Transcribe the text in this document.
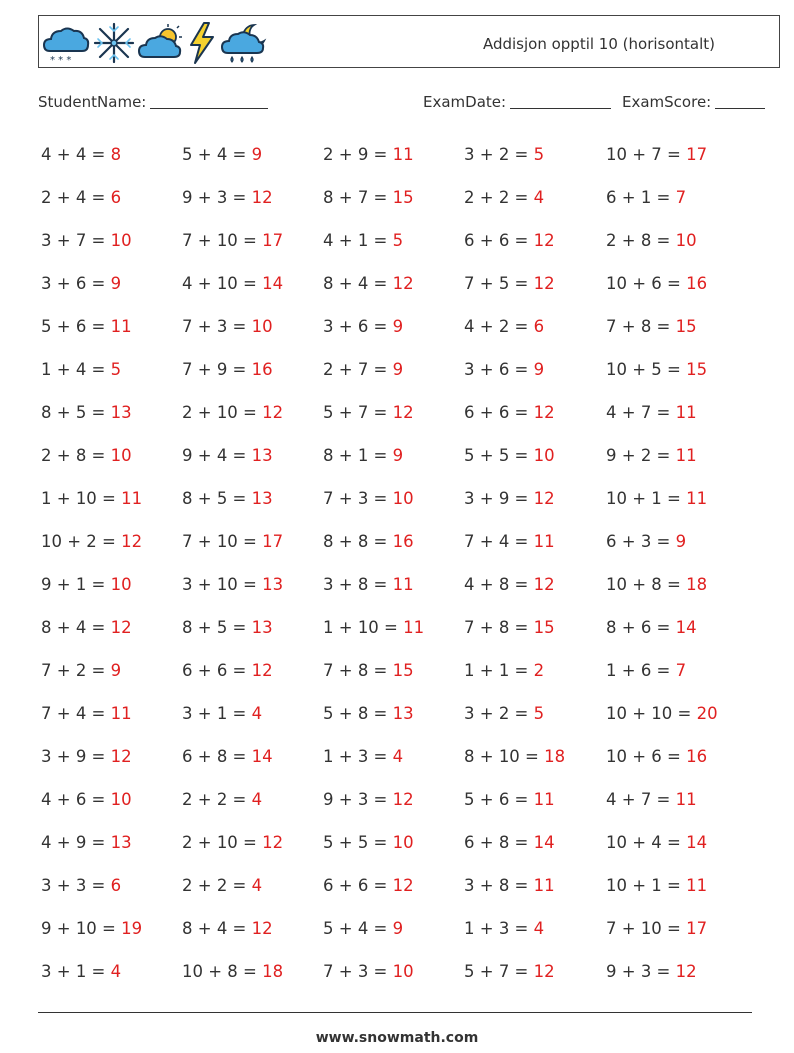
* * *
Addisjon opptil 10 (horisontalt)
StudentName:	ExamDate:	ExamScore:
4 + 4 = 8	5 + 4 = 9	2 + 9 = 11	3 + 2 = 5	10 + 7 = 17
2 + 4 = 6	9 + 3 = 12	8 + 7 = 15	2 + 2 = 4	6 + 1 = 7
3 + 7 = 10	7 + 10 = 17	4 + 1 = 5	6 + 6 = 12	2 + 8 = 10
3 + 6 = 9	4 + 10 = 14	8 + 4 = 12	7 + 5 = 12	10 + 6 = 16
5 + 6 = 11	7 + 3 = 10	3 + 6 = 9	4 + 2 = 6	7 + 8 = 15
1 + 4 = 5	7 + 9 = 16	2 + 7 = 9	3 + 6 = 9	10 + 5 = 15
8 + 5 = 13	2 + 10 = 12	5 + 7 = 12	6 + 6 = 12	4 + 7 = 11
2 + 8 = 10	9 + 4 = 13	8 + 1 = 9	5 + 5 = 10	9 + 2 = 11
1 + 10 = 11	8 + 5 = 13	7 + 3 = 10	3 + 9 = 12	10 + 1 = 11
10 + 2 = 12	7 + 10 = 17	8 + 8 = 16	7 + 4 = 11	6 + 3 = 9
9 + 1 = 10	3 + 10 = 13	3 + 8 = 11	4 + 8 = 12	10 + 8 = 18
8 + 4 = 12	8 + 5 = 13	1 + 10 = 11	7 + 8 = 15	8 + 6 = 14
7 + 2 = 9	6 + 6 = 12	7 + 8 = 15	1 + 1 = 2	1 + 6 = 7
7 + 4 = 11	3 + 1 = 4	5 + 8 = 13	3 + 2 = 5	10 + 10 = 20
3 + 9 = 12	6 + 8 = 14	1 + 3 = 4	8 + 10 = 18	10 + 6 = 16
4 + 6 = 10	2 + 2 = 4	9 + 3 = 12	5 + 6 = 11	4 + 7 = 11
4 + 9 = 13	2 + 10 = 12	5 + 5 = 10	6 + 8 = 14	10 + 4 = 14
3 + 3 = 6	2 + 2 = 4	6 + 6 = 12	3 + 8 = 11	10 + 1 = 11
9 + 10 = 19	8 + 4 = 12	5 + 4 = 9	1 + 3 = 4	7 + 10 = 17
3 + 1 = 4	10 + 8 = 18	7 + 3 = 10	5 + 7 = 12	9 + 3 = 12
www.snowmath.com
